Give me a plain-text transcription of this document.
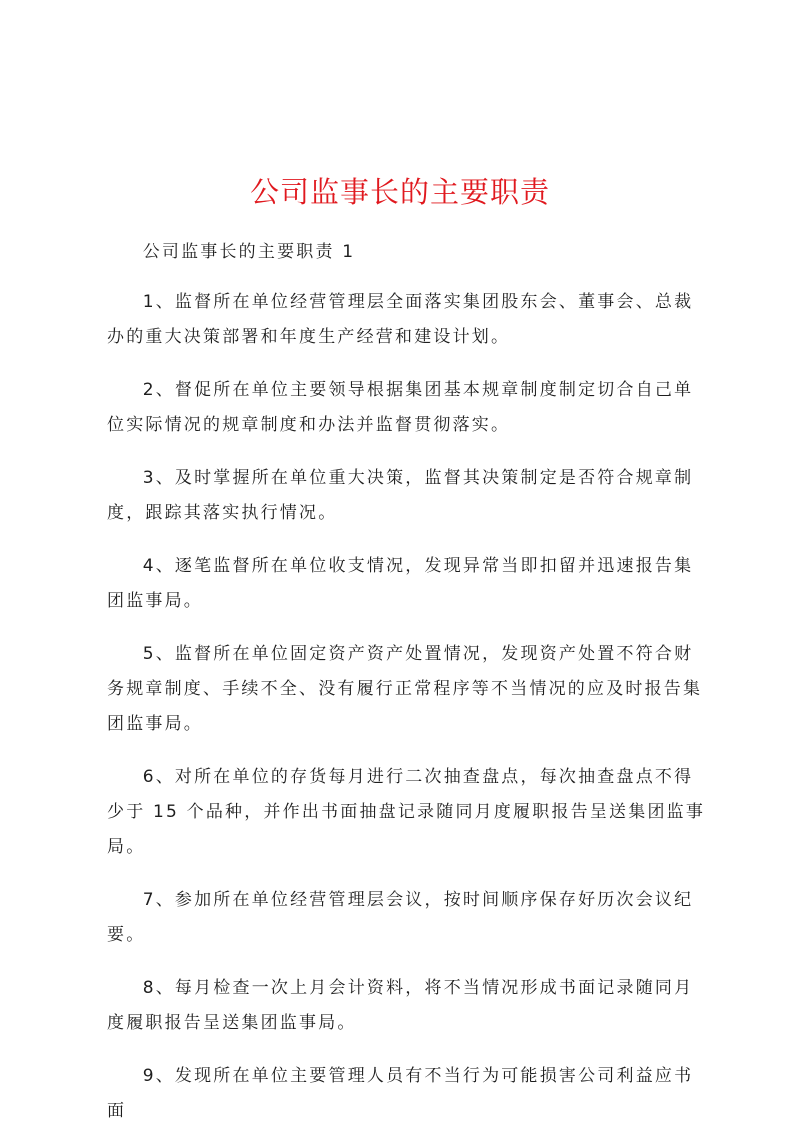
公司监事长的主要职责

公司监事长的主要职责 1

1、监督所在单位经营管理层全面落实集团股东会、董事会、总裁办的重大决策部署和年度生产经营和建设计划。

2、督促所在单位主要领导根据集团基本规章制度制定切合自己单位实际情况的规章制度和办法并监督贯彻落实。

3、及时掌握所在单位重大决策，监督其决策制定是否符合规章制度，跟踪其落实执行情况。

4、逐笔监督所在单位收支情况，发现异常当即扣留并迅速报告集团监事局。

5、监督所在单位固定资产资产处置情况，发现资产处置不符合财务规章制度、手续不全、没有履行正常程序等不当情况的应及时报告集团监事局。

6、对所在单位的存货每月进行二次抽查盘点，每次抽查盘点不得少于 15 个品种，并作出书面抽盘记录随同月度履职报告呈送集团监事局。

7、参加所在单位经营管理层会议，按时间顺序保存好历次会议纪要。

8、每月检查一次上月会计资料，将不当情况形成书面记录随同月度履职报告呈送集团监事局。

9、发现所在单位主要管理人员有不当行为可能损害公司利益应书面
